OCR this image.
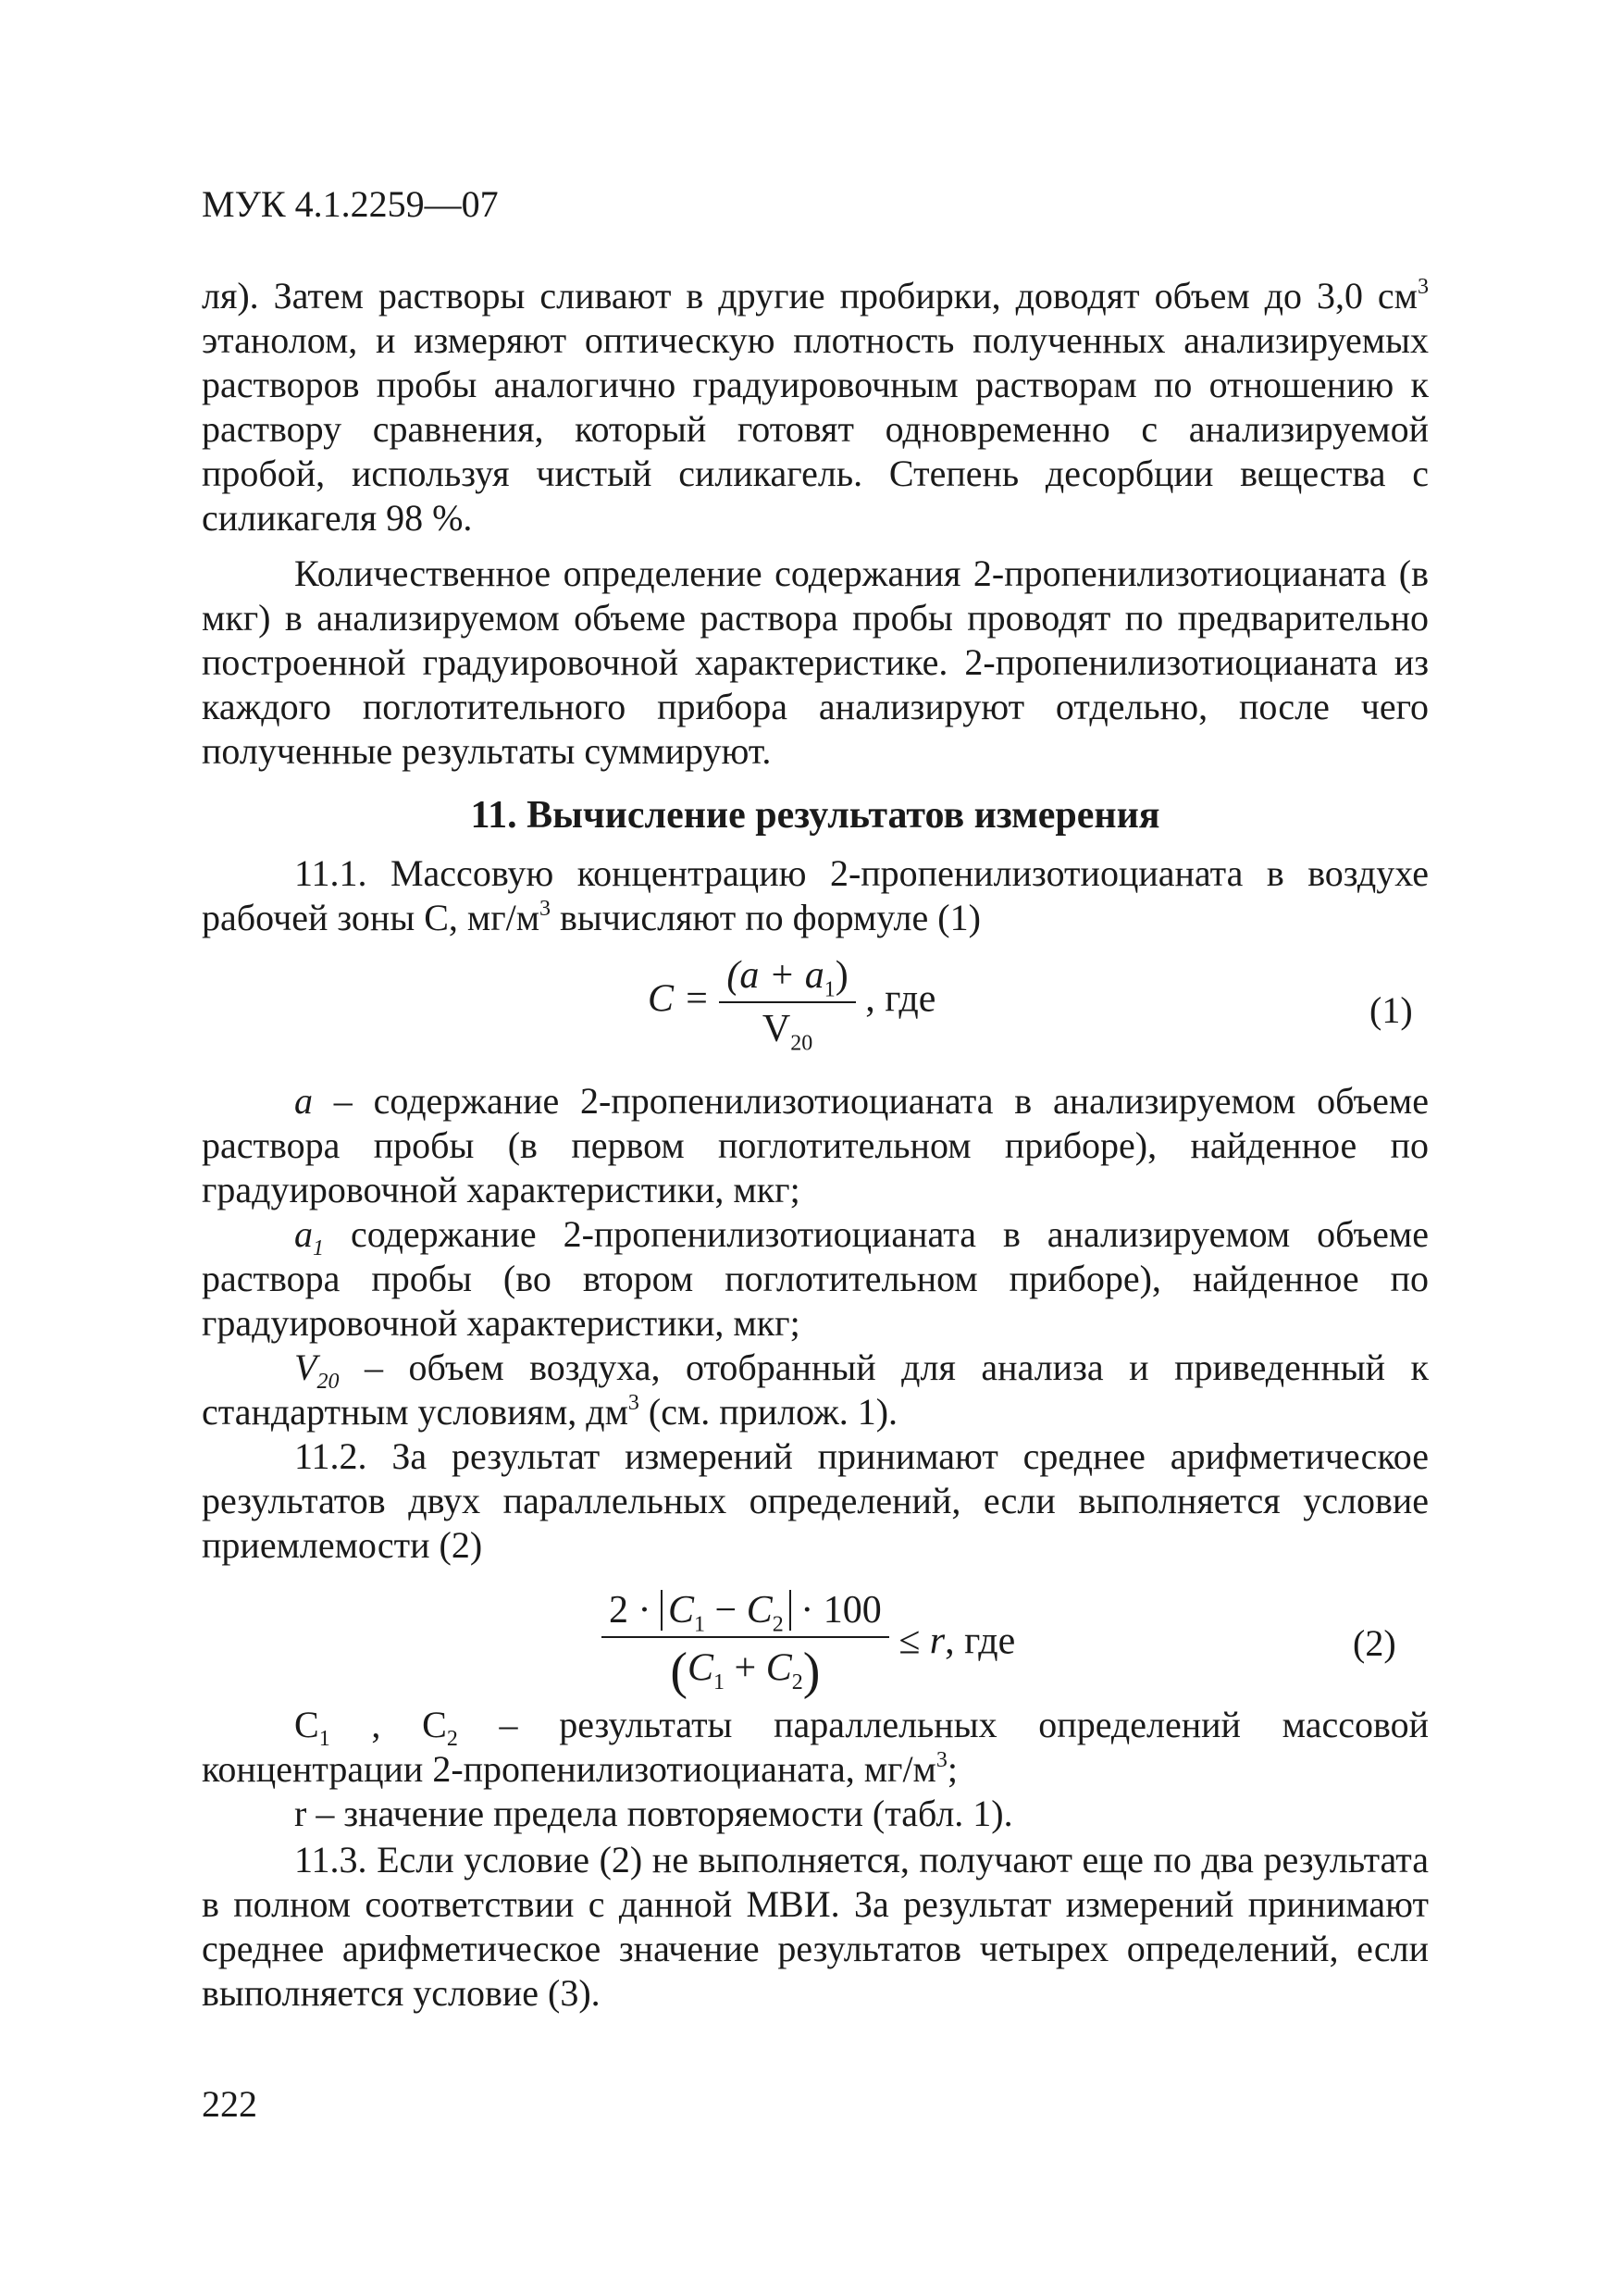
МУК 4.1.2259—07

ля). Затем растворы сливают в другие пробирки, доводят объем до 3,0 $см^3$ этанолом, и измеряют оптическую плотность полученных анализируемых растворов пробы аналогично градуировочным растворам по отношению к раствору сравнения, который готовят одновременно с анализируемой пробой, используя чистый силикагель. Степень десорбции вещества с силикагеля 98 %.

Количественное определение содержания 2-пропенилизотиоцианата (в мкг) в анализируемом объеме раствора пробы проводят по предварительно построенной градуировочной характеристике. 2-пропенилизотиоцианата из каждого поглотительного прибора анализируют отдельно, после чего полученные результаты суммируют.
11. Вычисление результатов измерения
11.1. Массовую концентрацию 2-пропенилизотиоцианата в воздухе рабочей зоны С, $мг/м^3$ вычисляют по формуле (1)
$C = \frac{(a + a_1)}{V_{20}}$ , где	(1)
a – содержание 2-пропенилизотиоцианата в анализируемом объеме раствора пробы (в первом поглотительном приборе), найденное по градуировочной характеристики, мкг;
$a_1$ содержание 2-пропенилизотиоцианата в анализируемом объеме раствора пробы (во втором поглотительном приборе), найденное по градуировочной характеристики, мкг;
$V_{20}$ – объем воздуха, отобранный для анализа и приведенный к стандартным условиям, $дм^3$ (см. прилож. 1).
11.2. За результат измерений принимают среднее арифметическое результатов двух параллельных определений, если выполняется условие приемлемости (2)
$\frac{2 \cdot C_1 - C_2 \cdot 100}{(C_1 + C_2)} \le r$, где	(2)
$C_1$ , $C_2$ – результаты параллельных определений массовой концентрации 2-пропенилизотиоцианата, $мг/м^3$;
r – значение предела повторяемости (табл. 1).
11.3. Если условие (2) не выполняется, получают еще по два результата в полном соответствии с данной МВИ. За результат измерений принимают среднее арифметическое значение результатов четырех определений, если выполняется условие (3).
222
